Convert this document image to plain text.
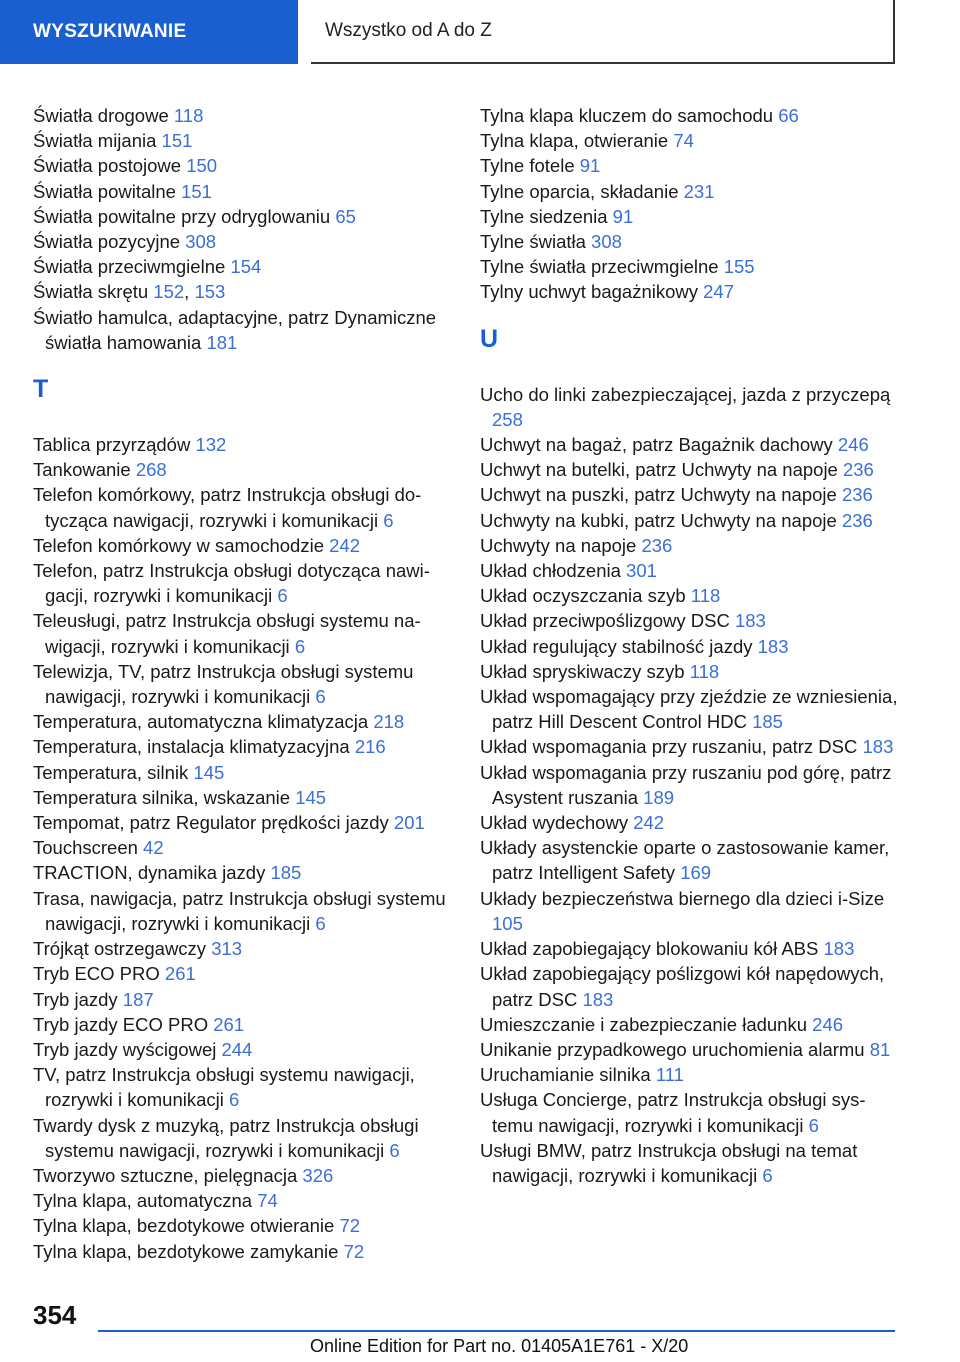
WYSZUKIWANIE	Wszystko od A do Z
Światła drogowe 118
Światła mijania 151
Światła postojowe 150
Światła powitalne 151
Światła powitalne przy odryglowaniu 65
Światła pozycyjne 308
Światła przeciwmgielne 154
Światła skrętu 152, 153
Światło hamulca, adaptacyjne, patrz Dynamiczne światła hamowania 181
T
Tablica przyrządów 132
Tankowanie 268
Telefon komórkowy, patrz Instrukcja obsługi dotycząca nawigacji, rozrywki i komunikacji 6
Telefon komórkowy w samochodzie 242
Telefon, patrz Instrukcja obsługi dotycząca nawigacji, rozrywki i komunikacji 6
Teleusługi, patrz Instrukcja obsługi systemu nawigacji, rozrywki i komunikacji 6
Telewizja, TV, patrz Instrukcja obsługi systemu nawigacji, rozrywki i komunikacji 6
Temperatura, automatyczna klimatyzacja 218
Temperatura, instalacja klimatyzacyjna 216
Temperatura, silnik 145
Temperatura silnika, wskazanie 145
Tempomat, patrz Regulator prędkości jazdy 201
Touchscreen 42
TRACTION, dynamika jazdy 185
Trasa, nawigacja, patrz Instrukcja obsługi systemu nawigacji, rozrywki i komunikacji 6
Trójkąt ostrzegawczy 313
Tryb ECO PRO 261
Tryb jazdy 187
Tryb jazdy ECO PRO 261
Tryb jazdy wyścigowej 244
TV, patrz Instrukcja obsługi systemu nawigacji, rozrywki i komunikacji 6
Twardy dysk z muzyką, patrz Instrukcja obsługi systemu nawigacji, rozrywki i komunikacji 6
Tworzywo sztuczne, pielęgnacja 326
Tylna klapa, automatyczna 74
Tylna klapa, bezdotykowe otwieranie 72
Tylna klapa, bezdotykowe zamykanie 72
Tylna klapa kluczem do samochodu 66
Tylna klapa, otwieranie 74
Tylne fotele 91
Tylne oparcia, składanie 231
Tylne siedzenia 91
Tylne światła 308
Tylne światła przeciwmgielne 155
Tylny uchwyt bagażnikowy 247
U
Ucho do linki zabezpieczającej, jazda z przyczepą 258
Uchwyt na bagaż, patrz Bagażnik dachowy 246
Uchwyt na butelki, patrz Uchwyty na napoje 236
Uchwyt na puszki, patrz Uchwyty na napoje 236
Uchwyty na kubki, patrz Uchwyty na napoje 236
Uchwyty na napoje 236
Układ chłodzenia 301
Układ oczyszczania szyb 118
Układ przeciwpoślizgowy DSC 183
Układ regulujący stabilność jazdy 183
Układ spryskiwaczy szyb 118
Układ wspomagający przy zjeździe ze wzniesienia, patrz Hill Descent Control HDC 185
Układ wspomagania przy ruszaniu, patrz DSC 183
Układ wspomagania przy ruszaniu pod górę, patrz Asystent ruszania 189
Układ wydechowy 242
Układy asystenckie oparte o zastosowanie kamer, patrz Intelligent Safety 169
Układy bezpieczeństwa biernego dla dzieci i-Size 105
Układ zapobiegający blokowaniu kół ABS 183
Układ zapobiegający poślizgowi kół napędowych, patrz DSC 183
Umieszczanie i zabezpieczanie ładunku 246
Unikanie przypadkowego uruchomienia alarmu 81
Uruchamianie silnika 111
Usługa Concierge, patrz Instrukcja obsługi systemu nawigacji, rozrywki i komunikacji 6
Usługi BMW, patrz Instrukcja obsługi na temat nawigacji, rozrywki i komunikacji 6
354
Online Edition for Part no. 01405A1E761 - X/20
